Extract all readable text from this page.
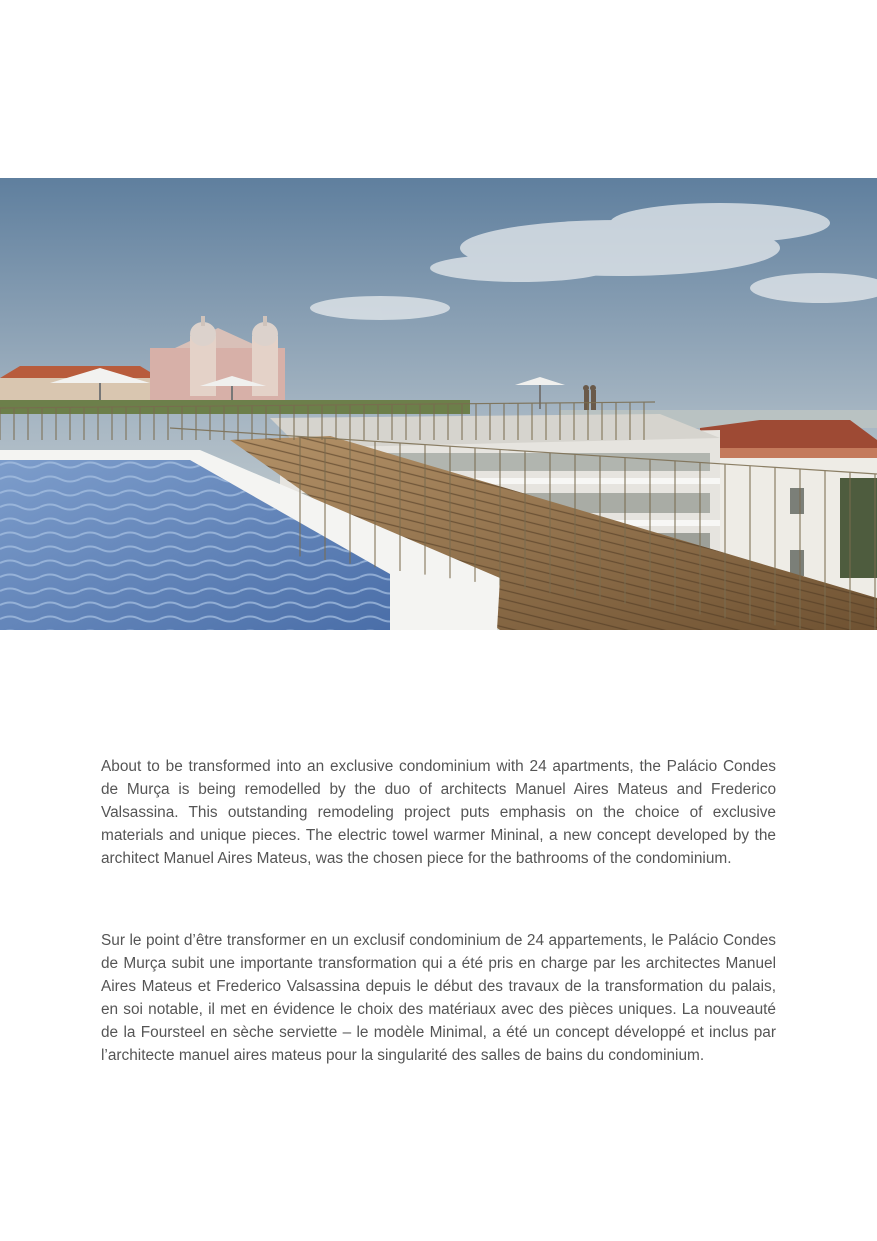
About to be transformed into an exclusive condominium with 24 apartments, the Palácio Condes de Murça is being remodelled by the duo of architects Manuel Aires Mateus and Frederico Valsassina. This outstanding remodeling project puts emphasis on the choice of exclusive materials and unique pieces. The electric towel warmer Mininal, a new concept developed by the architect Manuel Aires Mateus, was the chosen piece for the bathrooms of the condominium.

Sur le point d’être transformer en un exclusif condominium de 24 appartements, le Palácio Condes de Murça subit une importante transformation qui a été pris en charge par les architectes Manuel Aires Mateus et Frederico Valsassina depuis le début des travaux de la transformation du palais, en soi notable, il met en évidence le choix des matériaux avec des pièces uniques. La nouveauté de la Foursteel en sèche serviette – le modèle Minimal, a été un concept développé et inclus par l’architecte manuel aires mateus pour la singularité des salles de bains du condominium.
